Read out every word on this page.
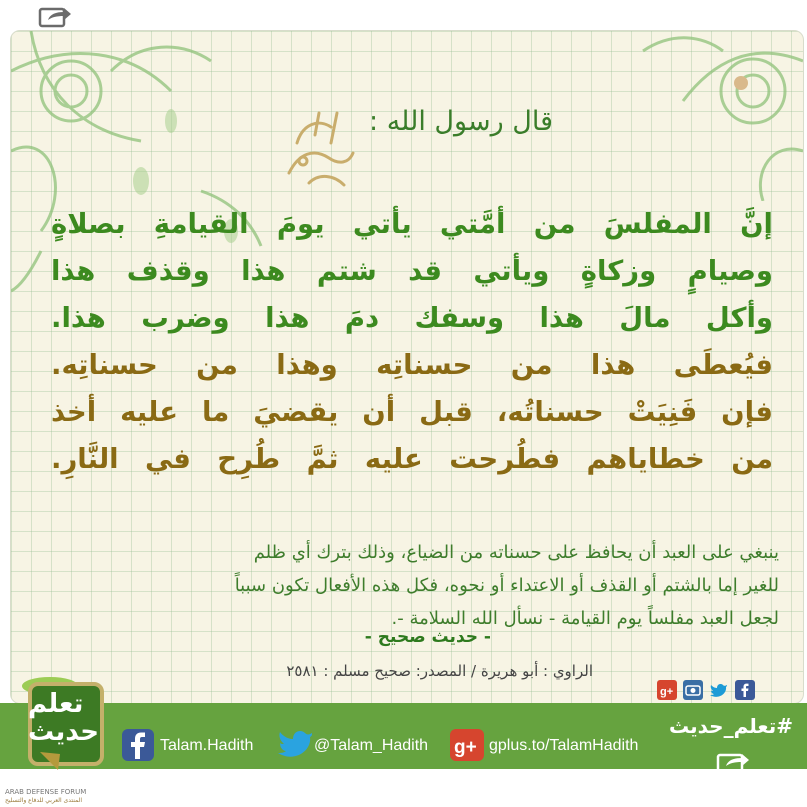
قال رسول الله :
إنَّ المفلسَ من أمَّتي يأتي يومَ القيامةِ بصلاةٍ
وصيامٍ وزكاةٍ ويأتي قد شتم هذا وقذف هذا
وأكل مالَ هذا وسفك دمَ هذا وضرب هذا.
فيُعطَى هذا من حسناتِه وهذا من حسناتِه.
فإن فَنِيَتْ حسناتُه، قبل أن يقضيَ ما عليه أخذ
من خطاياهم فطُرحت عليه ثمَّ طُرِح في النَّارِ.
ينبغي على العبد أن يحافظ على حسناته من الضياع، وذلك بترك أي ظلم
للغير إما بالشتم أو القذف أو الاعتداء أو نحوه، فكل هذه الأفعال تكون سبباً
لجعل العبد مفلساً يوم القيامة - نسأل الله السلامة -.
- حديث صحيح -
الراوي : أبو هريرة / المصدر: صحيح مسلم : ٢٥٨١
g+
تعلم
حديث	Talam.Hadith	@Talam_Hadith g+ gplus.to/TalamHadith
#تعلم_حديث
ARAB DEFENSE FORUM
المنتدى العربي للدفاع والتسليح
